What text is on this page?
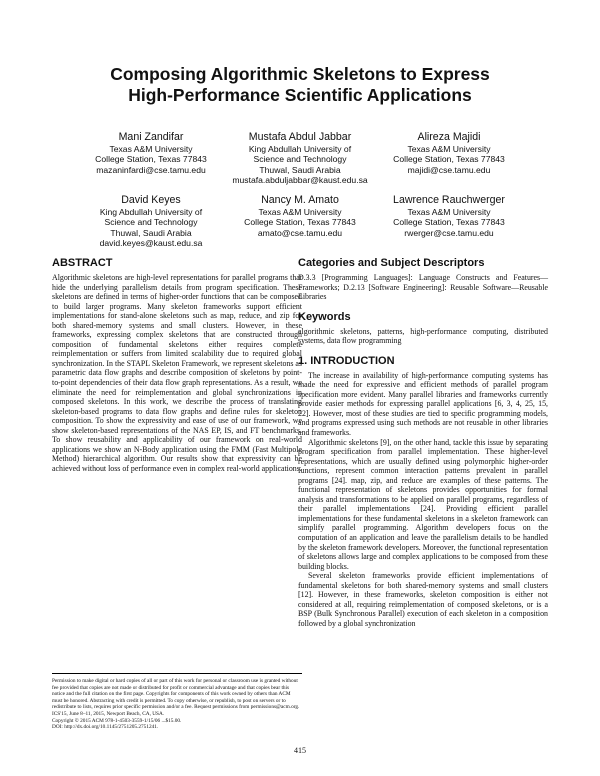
Composing Algorithmic Skeletons to Express
High-Performance Scientific Applications
Mani Zandifar
Texas A&M University
College Station, Texas 77843
mazaninfardi@cse.tamu.edu
Mustafa Abdul Jabbar
King Abdullah University of
Science and Technology
Thuwal, Saudi Arabia
mustafa.abduljabbar@kaust.edu.sa
Alireza Majidi
Texas A&M University
College Station, Texas 77843
majidi@cse.tamu.edu
David Keyes
King Abdullah University of
Science and Technology
Thuwal, Saudi Arabia
david.keyes@kaust.edu.sa
Nancy M. Amato
Texas A&M University
College Station, Texas 77843
amato@cse.tamu.edu
Lawrence Rauchwerger
Texas A&M University
College Station, Texas 77843
rwerger@cse.tamu.edu
ABSTRACT

Algorithmic skeletons are high-level representations for parallel programs that hide the underlying parallelism details from program specification. These skeletons are defined in terms of higher-order functions that can be composed to build larger programs. Many skeleton frameworks support efficient implementations for stand-alone skeletons such as map, reduce, and zip for both shared-memory systems and small clusters. However, in these frameworks, expressing complex skeletons that are constructed through composition of fundamental skeletons either requires complete reimplementation or suffers from limited scalability due to required global synchronization. In the STAPL Skeleton Framework, we represent skeletons as parametric data flow graphs and describe composition of skeletons by point-to-point dependencies of their data flow graph representations. As a result, we eliminate the need for reimplementation and global synchronizations in composed skeletons. In this work, we describe the process of translating skeleton-based programs to data flow graphs and define rules for skeleton composition. To show the expressivity and ease of use of our framework, we show skeleton-based representations of the NAS EP, IS, and FT benchmarks. To show reusability and applicability of our framework on real-world applications we show an N-Body application using the FMM (Fast Multipole Method) hierarchical algorithm. Our results show that expressivity can be achieved without loss of performance even in complex real-world applications.

Permission to make digital or hard copies of all or part of this work for personal or classroom use is granted without fee provided that copies are not made or distributed for profit or commercial advantage and that copies bear this notice and the full citation on the first page. Copyrights for components of this work owned by others than ACM must be honored. Abstracting with credit is permitted. To copy otherwise, or republish, to post on servers or to redistribute to lists, requires prior specific permission and/or a fee. Request permissions from permissions@acm.org.

ICS'15, June 8–11, 2015, Newport Beach, CA, USA.

Copyright © 2015 ACM 978-1-4503-3559-1/15/06 ...$15.00.

DOI: http://dx.doi.org/10.1145/2751205.2751241.

Categories and Subject Descriptors

D.3.3 [Programming Languages]: Language Constructs and Features—Frameworks; D.2.13 [Software Engineering]: Reusable Software—Reusable Libraries

Keywords

algorithmic skeletons, patterns, high-performance computing, distributed systems, data flow programming

1. INTRODUCTION

The increase in availability of high-performance computing systems has made the need for expressive and efficient methods of parallel program specification more evident. Many parallel libraries and frameworks currently provide easier methods for expressing parallel applications [6, 3, 4, 25, 15, 22]. However, most of these studies are tied to specific programming models, and programs expressed using such methods are not reusable in other libraries and frameworks.

Algorithmic skeletons [9], on the other hand, tackle this issue by separating program specification from parallel implementation. These higher-level representations, which are usually defined using polymorphic higher-order functions, represent common interaction patterns prevalent in parallel programs [24]. map, zip, and reduce are examples of these patterns. The functional representation of skeletons provides opportunities for formal analysis and transformations to be applied on parallel programs, regardless of their parallel implementations [24]. Providing efficient parallel implementations for these fundamental skeletons in a skeleton framework can simplify parallel programming. Algorithm developers focus on the computation of an application and leave the parallelism details to be handled by the skeleton framework developers. Moreover, the functional representation of skeletons allows large and complex applications to be composed from these building blocks.

Several skeleton frameworks provide efficient implementations of fundamental skeletons for both shared-memory systems and small clusters [12]. However, in these frameworks, skeleton composition is either not considered at all, requiring reimplementation of composed skeletons, or is a BSP (Bulk Synchronous Parallel) execution of each skeleton in a composition followed by a global synchronization

415
